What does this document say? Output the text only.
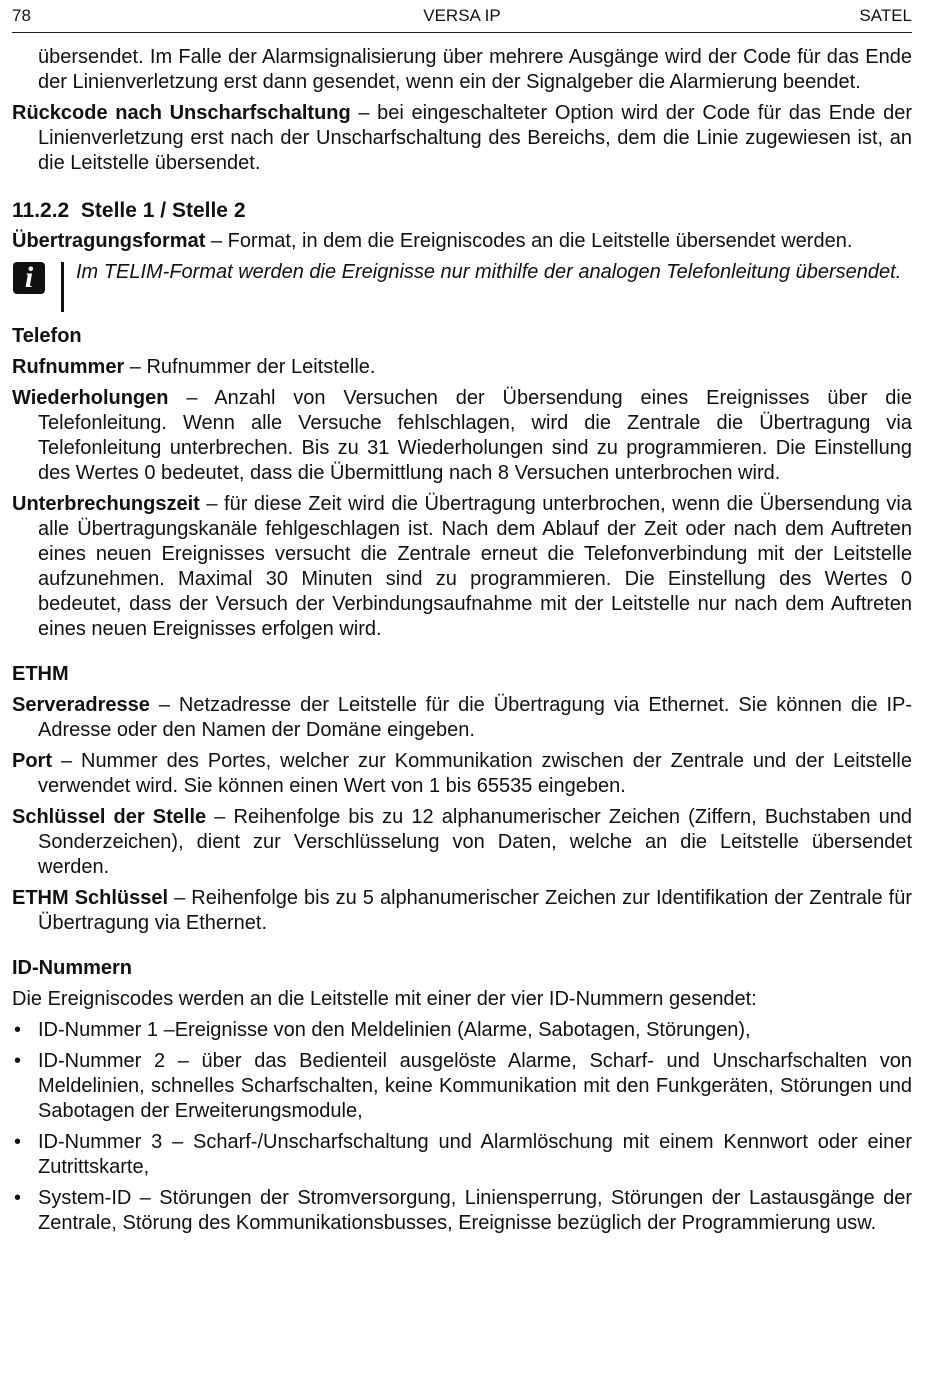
78	VERSA IP	SATEL

übersendet. Im Falle der Alarmsignalisierung über mehrere Ausgänge wird der Code für das Ende der Linienverletzung erst dann gesendet, wenn ein der Signalgeber die Alarmierung beendet.

Rückcode nach Unscharfschaltung – bei eingeschalteter Option wird der Code für das Ende der Linienverletzung erst nach der Unscharfschaltung des Bereichs, dem die Linie zugewiesen ist, an die Leitstelle übersendet.

11.2.2 Stelle 1 / Stelle 2

Übertragungsformat – Format, in dem die Ereigniscodes an die Leitstelle übersendet werden.

i	Im TELIM-Format werden die Ereignisse nur mithilfe der analogen Telefonleitung übersendet.
Telefon

Rufnummer – Rufnummer der Leitstelle.

Wiederholungen – Anzahl von Versuchen der Übersendung eines Ereignisses über die Telefonleitung. Wenn alle Versuche fehlschlagen, wird die Zentrale die Übertragung via Telefonleitung unterbrechen. Bis zu 31 Wiederholungen sind zu programmieren. Die Einstellung des Wertes 0 bedeutet, dass die Übermittlung nach 8 Versuchen unterbrochen wird.

Unterbrechungszeit – für diese Zeit wird die Übertragung unterbrochen, wenn die Übersendung via alle Übertragungskanäle fehlgeschlagen ist. Nach dem Ablauf der Zeit oder nach dem Auftreten eines neuen Ereignisses versucht die Zentrale erneut die Telefonverbindung mit der Leitstelle aufzunehmen. Maximal 30 Minuten sind zu programmieren. Die Einstellung des Wertes 0 bedeutet, dass der Versuch der Verbindungsaufnahme mit der Leitstelle nur nach dem Auftreten eines neuen Ereignisses erfolgen wird.

ETHM

Serveradresse – Netzadresse der Leitstelle für die Übertragung via Ethernet. Sie können die IP-Adresse oder den Namen der Domäne eingeben.

Port – Nummer des Portes, welcher zur Kommunikation zwischen der Zentrale und der Leitstelle verwendet wird. Sie können einen Wert von 1 bis 65535 eingeben.

Schlüssel der Stelle – Reihenfolge bis zu 12 alphanumerischer Zeichen (Ziffern, Buchstaben und Sonderzeichen), dient zur Verschlüsselung von Daten, welche an die Leitstelle übersendet werden.

ETHM Schlüssel – Reihenfolge bis zu 5 alphanumerischer Zeichen zur Identifikation der Zentrale für Übertragung via Ethernet.

ID-Nummern

Die Ereigniscodes werden an die Leitstelle mit einer der vier ID-Nummern gesendet:

• ID-Nummer 1 –Ereignisse von den Meldelinien (Alarme, Sabotagen, Störungen),
• ID-Nummer 2 – über das Bedienteil ausgelöste Alarme, Scharf- und Unscharfschalten von Meldelinien, schnelles Scharfschalten, keine Kommunikation mit den Funkgeräten, Störungen und Sabotagen der Erweiterungsmodule,
• ID-Nummer 3 – Scharf-/Unscharfschaltung und Alarmlöschung mit einem Kennwort oder einer Zutrittskarte,
• System-ID – Störungen der Stromversorgung, Liniensperrung, Störungen der Lastausgänge der Zentrale, Störung des Kommunikationsbusses, Ereignisse bezüglich der Programmierung usw.
